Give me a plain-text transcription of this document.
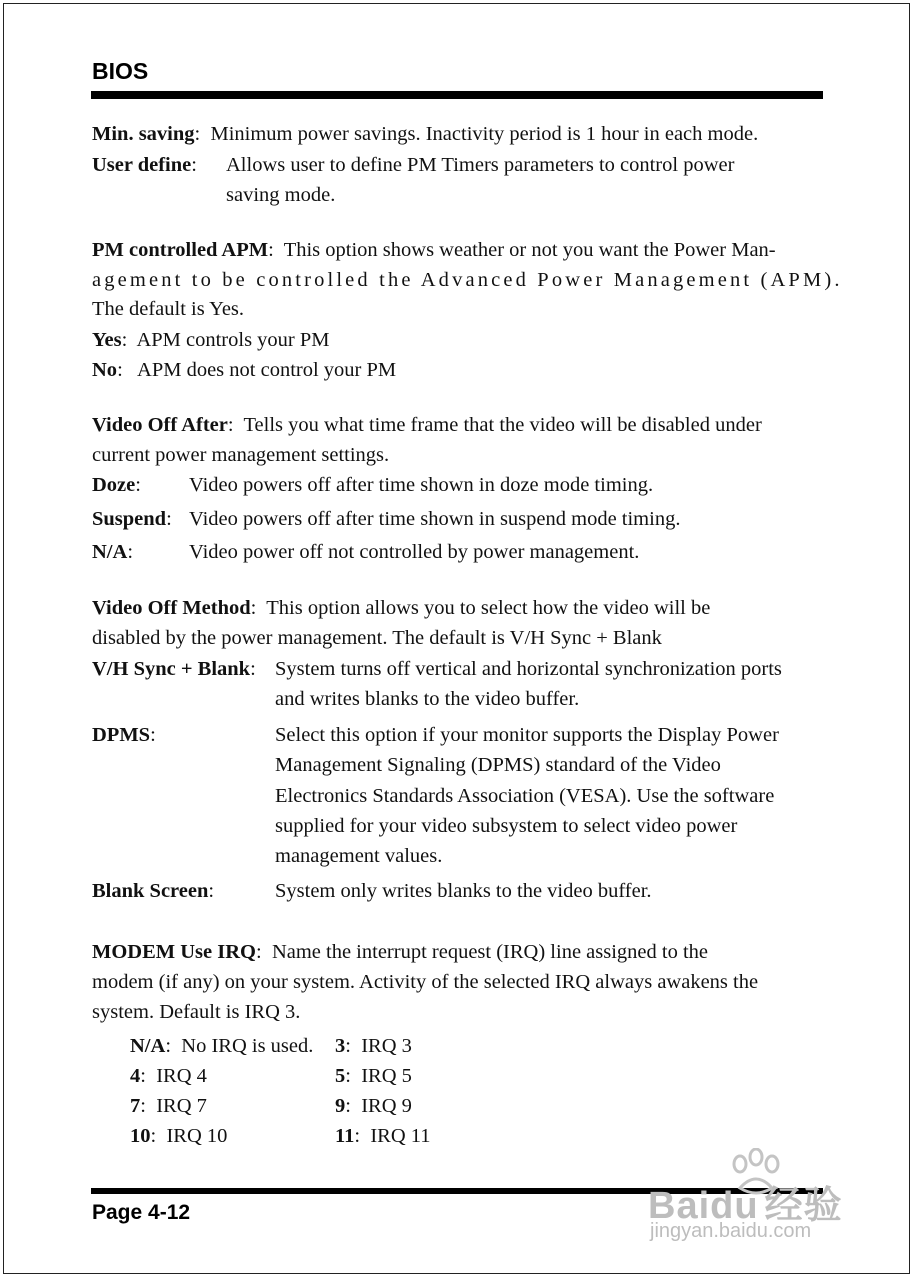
BIOS
Min. saving:  Minimum power savings. Inactivity period is 1 hour in each mode.
User define: Allows user to define PM Timers parameters to control power
saving mode.
PM controlled APM:  This option shows weather or not you want the Power Man-
agement to be controlled the Advanced Power Management (APM).
The default is Yes.
Yes:  APM controls your PM
No:   APM does not control your PM
Video Off After:  Tells you what time frame that the video will be disabled under
current power management settings.
Doze: Video powers off after time shown in doze mode timing.
Suspend: Video powers off after time shown in suspend mode timing.
N/A:	Video power off not controlled by power management.
Video Off Method:  This option allows you to select how the video will be
disabled by the power management. The default is V/H Sync + Blank
V/H Sync + Blank: System turns off vertical and horizontal synchronization ports
and writes blanks to the video buffer.
DPMS:	Select this option if your monitor supports the Display Power
Management Signaling (DPMS) standard of the Video
Electronics Standards Association (VESA). Use the software
supplied for your video subsystem to select video power
management values.
Blank Screen:	System only writes blanks to the video buffer.
MODEM Use IRQ:  Name the interrupt request (IRQ) line assigned to the
modem (if any) on your system. Activity of the selected IRQ always awakens the
system. Default is IRQ 3.
N/A:  No IRQ is used. 3:  IRQ 3
4:  IRQ 4	5:  IRQ 5
7:  IRQ 7	9:  IRQ 9
10:  IRQ 10	11:  IRQ 11
Page 4-12	Baidu 经验
jingyan.baidu.com
